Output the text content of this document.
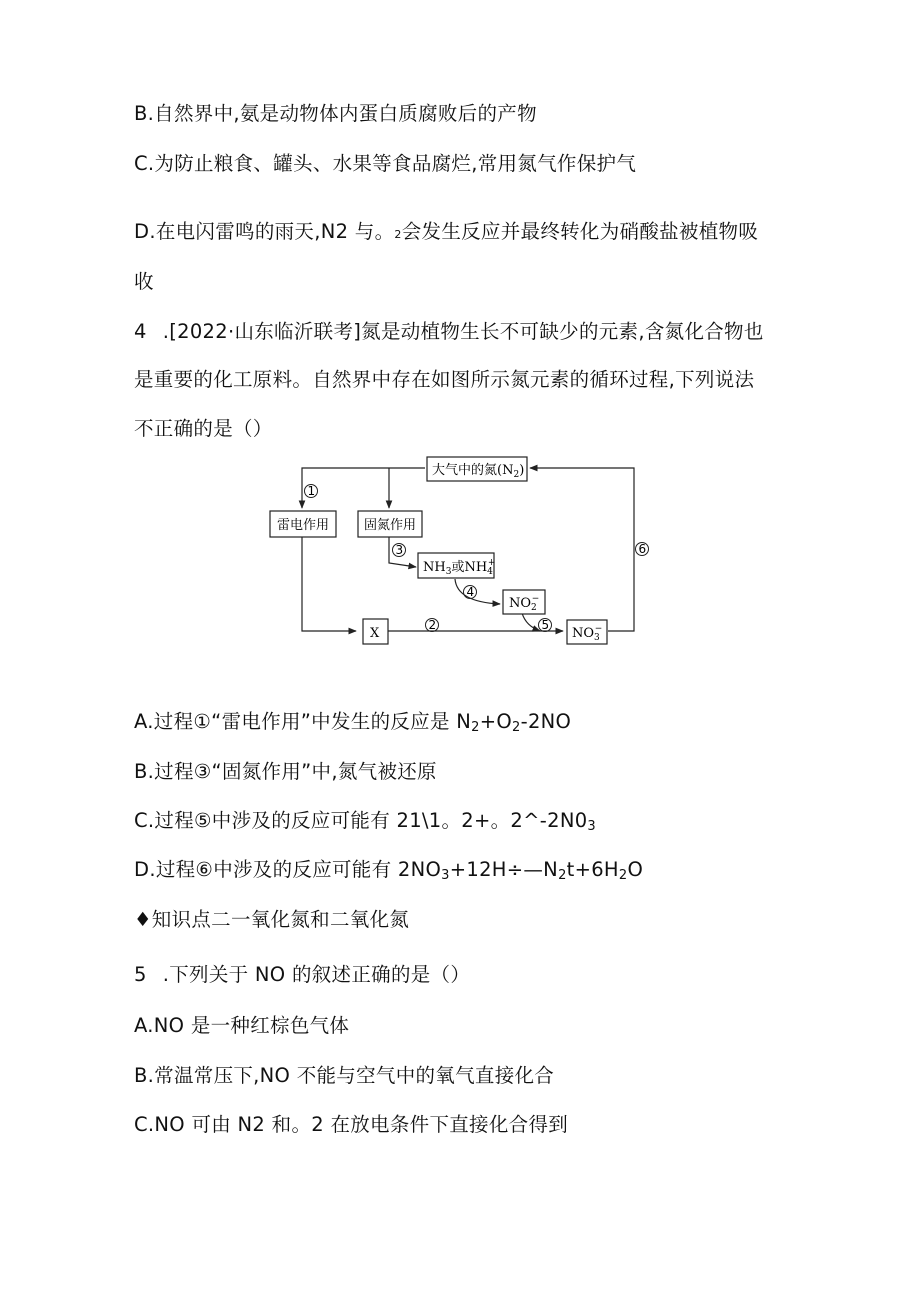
B.自然界中,氨是动物体内蛋白质腐败后的产物
C.为防止粮食、罐头、水果等食品腐烂,常用氮气作保护气
D.在电闪雷鸣的雨天,N2 与。2会发生反应并最终转化为硝酸盐被植物吸
收
4 .[2022·山东临沂联考]氮是动植物生长不可缺少的元素,含氮化合物也
是重要的化工原料。自然界中存在如图所示氮元素的循环过程,下列说法
不正确的是（）
大气中的氮$(N_2)$
雷电作用	固氮作用
$NH_3$或$NH_4+$
$NO_2-$
X	$NO_3-$
1
2
3
4
5
6
A.过程①“雷电作用”中发生的反应是 $N_2+O_2-2NO$
B.过程③“固氮作用”中,氮气被还原
C.过程⑤中涉及的反应可能有 21\1。2+。$2\^{}-2N0_3$
D.过程⑥中涉及的反应可能有 $2NO_3+12H\div—N_2t+6H_2O$
♦知识点二一氧化氮和二氧化氮
5 .下列关于 NO 的叙述正确的是（）
A.NO 是一种红棕色气体
B.常温常压下,NO 不能与空气中的氧气直接化合
C.NO 可由 N2 和。2 在放电条件下直接化合得到
